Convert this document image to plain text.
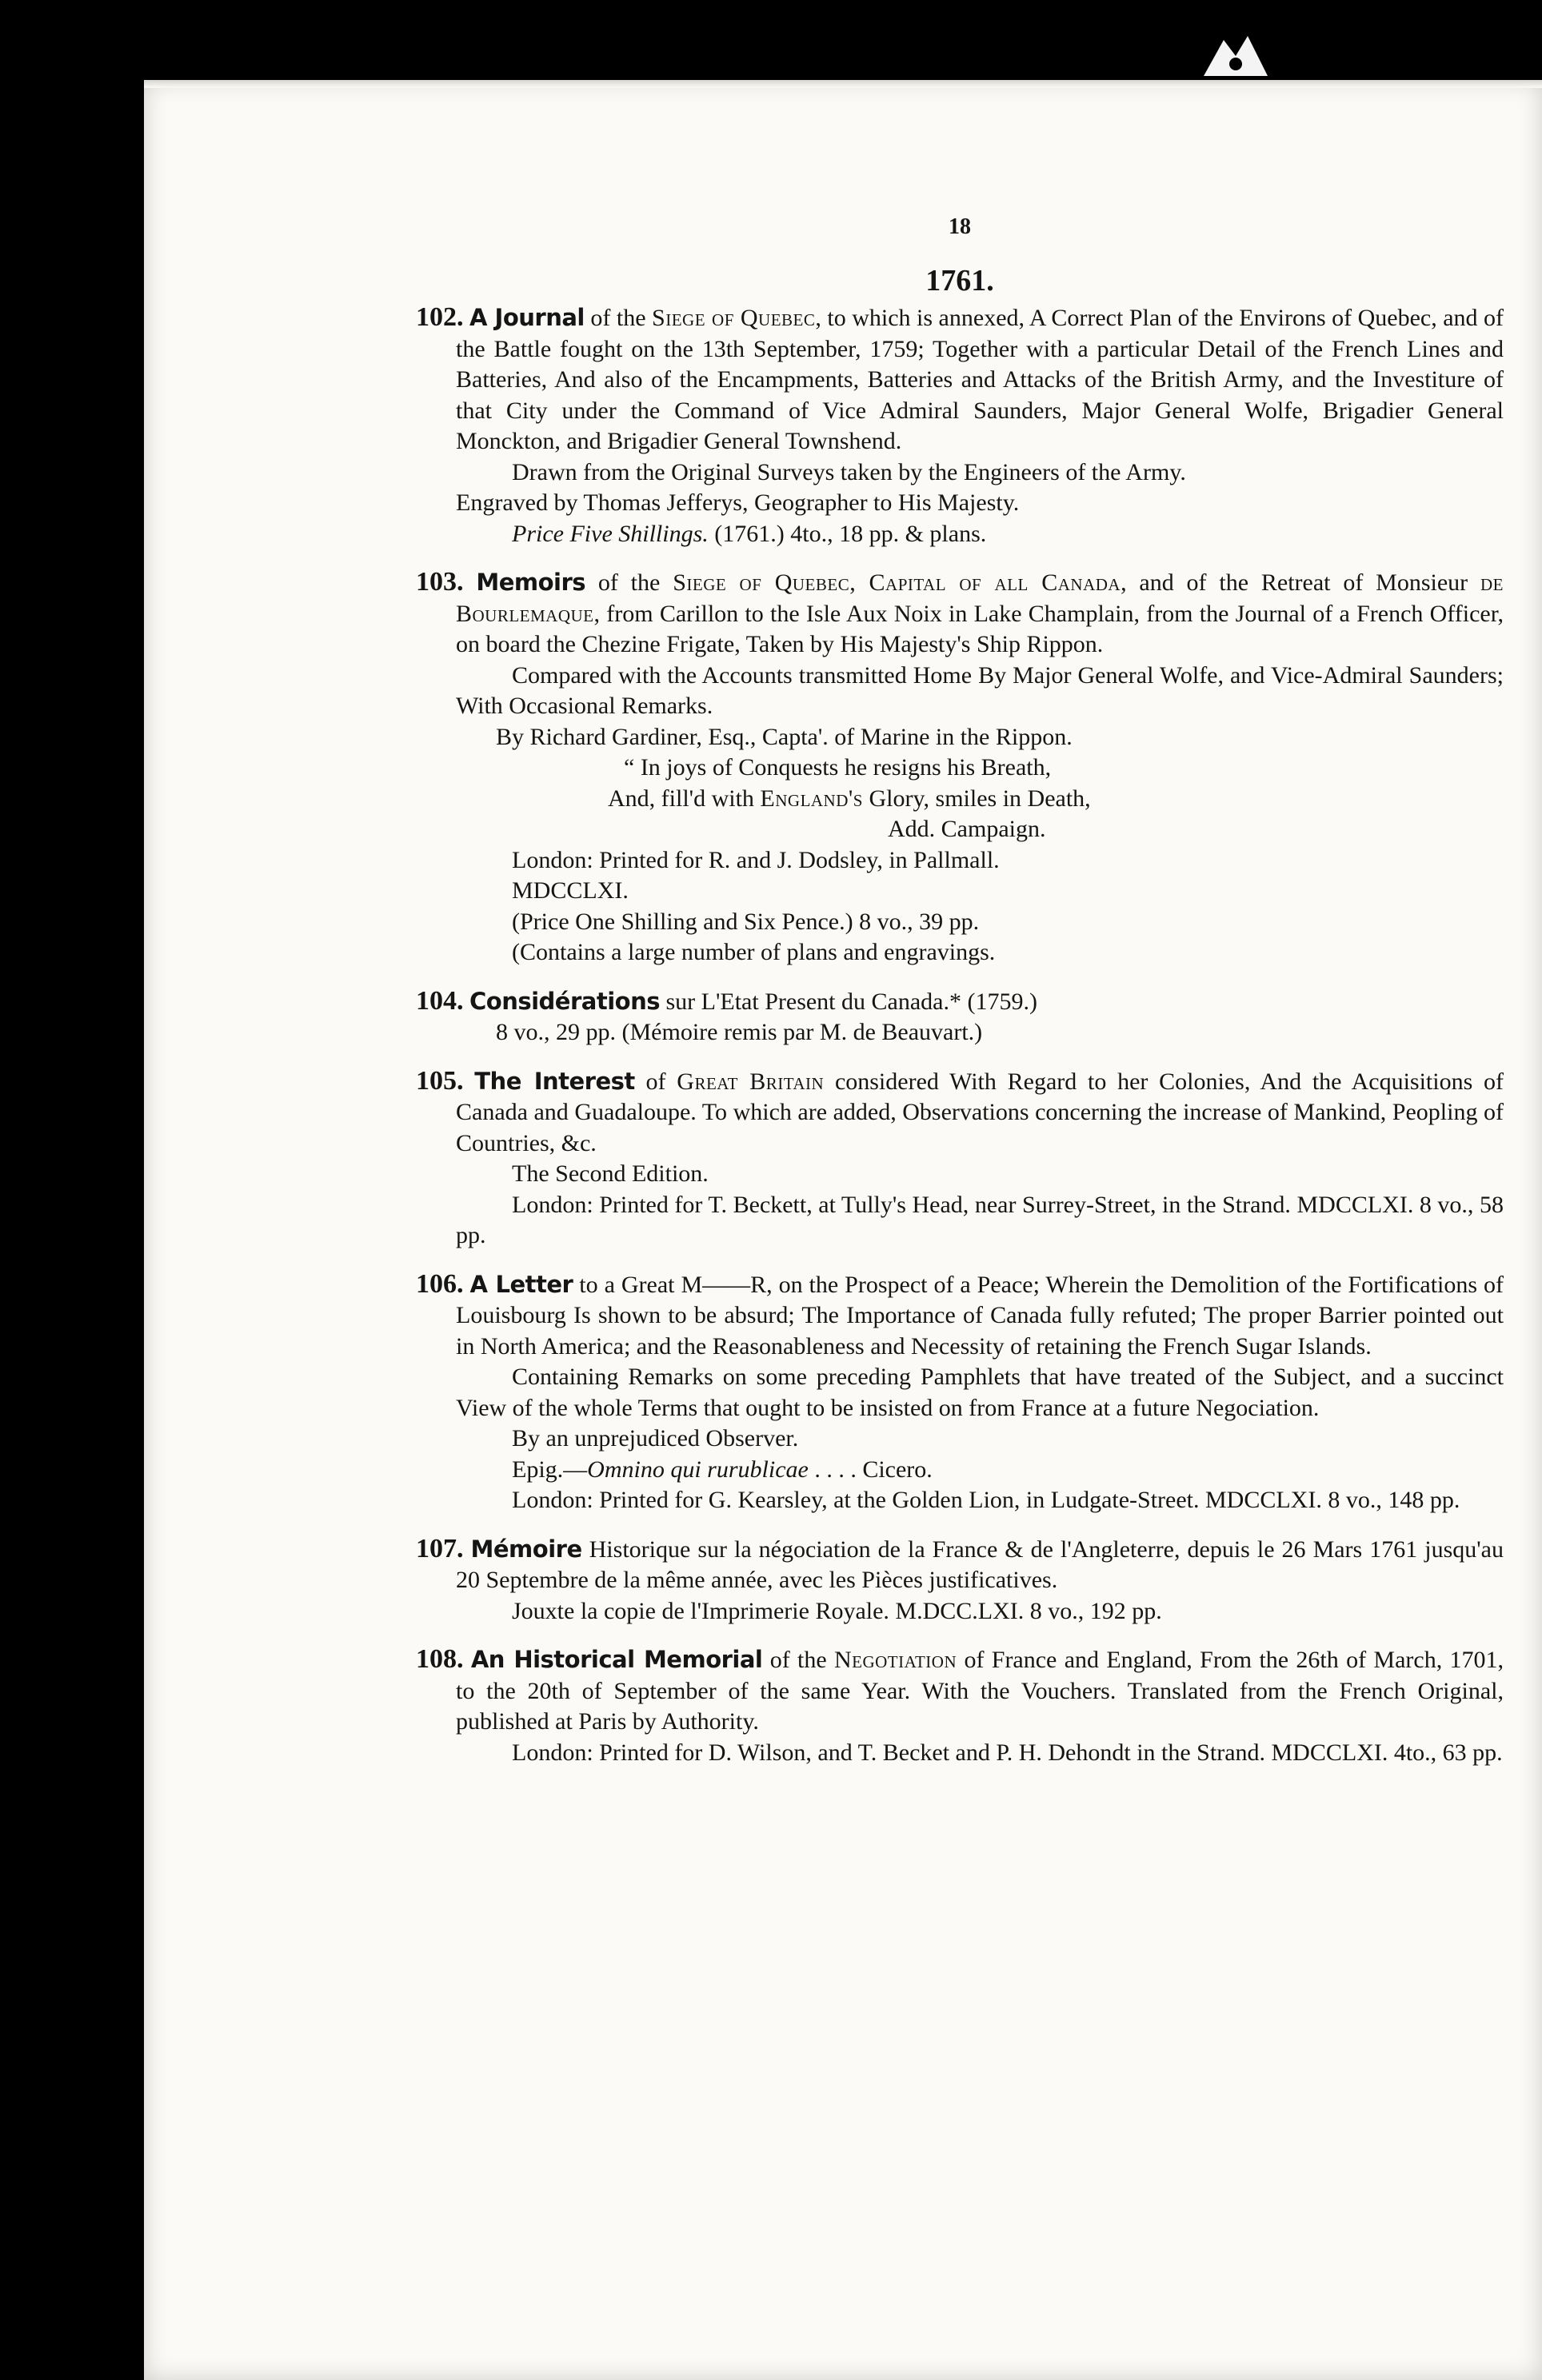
18
1761.

102. A Journal of the Siege of Quebec, to which is annexed, A Correct Plan of the Environs of Quebec, and of the Battle fought on the 13th September, 1759; Together with a particular Detail of the French Lines and Batteries, And also of the Encampments, Batteries and Attacks of the British Army, and the Investiture of that City under the Command of Vice Admiral Saunders, Major General Wolfe, Brigadier General Monckton, and Brigadier General Townshend.

Drawn from the Original Surveys taken by the Engineers of the Army.

Engraved by Thomas Jefferys, Geographer to His Majesty.

Price Five Shillings. (1761.) 4to., 18 pp. & plans.

103. Memoirs of the Siege of Quebec, Capital of all Canada, and of the Retreat of Monsieur de Bourlemaque, from Carillon to the Isle Aux Noix in Lake Champlain, from the Journal of a French Officer, on board the Chezine Frigate, Taken by His Majesty's Ship Rippon.

Compared with the Accounts transmitted Home By Major General Wolfe, and Vice-Admiral Saunders; With Occasional Remarks.

By Richard Gardiner, Esq., Capta'. of Marine in the Rippon.

“ In joys of Conquests he resigns his Breath,

And, fill'd with England's Glory, smiles in Death,

Add. Campaign.

London: Printed for R. and J. Dodsley, in Pallmall.

MDCCLXI.

(Price One Shilling and Six Pence.) 8 vo., 39 pp.

(Contains a large number of plans and engravings.

104. Considérations sur L'Etat Present du Canada.* (1759.)

8 vo., 29 pp. (Mémoire remis par M. de Beauvart.)

105. The Interest of Great Britain considered With Regard to her Colonies, And the Acquisitions of Canada and Guadaloupe. To which are added, Observations concerning the increase of Mankind, Peopling of Countries, &c.

The Second Edition.

London: Printed for T. Beckett, at Tully's Head, near Surrey-Street, in the Strand. MDCCLXI. 8 vo., 58 pp.

106. A Letter to a Great M——R, on the Prospect of a Peace; Wherein the Demolition of the Fortifications of Louisbourg Is shown to be absurd; The Importance of Canada fully refuted; The proper Barrier pointed out in North America; and the Reasonableness and Necessity of retaining the French Sugar Islands.

Containing Remarks on some preceding Pamphlets that have treated of the Subject, and a succinct View of the whole Terms that ought to be insisted on from France at a future Negociation.

By an unprejudiced Observer.

Epig.—Omnino qui rurublicae . . . . Cicero.

London: Printed for G. Kearsley, at the Golden Lion, in Ludgate-Street. MDCCLXI. 8 vo., 148 pp.

107. Mémoire Historique sur la négociation de la France & de l'Angleterre, depuis le 26 Mars 1761 jusqu'au 20 Septembre de la même année, avec les Pièces justificatives.

Jouxte la copie de l'Imprimerie Royale. M.DCC.LXI. 8 vo., 192 pp.

108. An Historical Memorial of the Negotiation of France and England, From the 26th of March, 1701, to the 20th of September of the same Year. With the Vouchers. Translated from the French Original, published at Paris by Authority.

London: Printed for D. Wilson, and T. Becket and P. H. Dehondt in the Strand. MDCCLXI. 4to., 63 pp.
